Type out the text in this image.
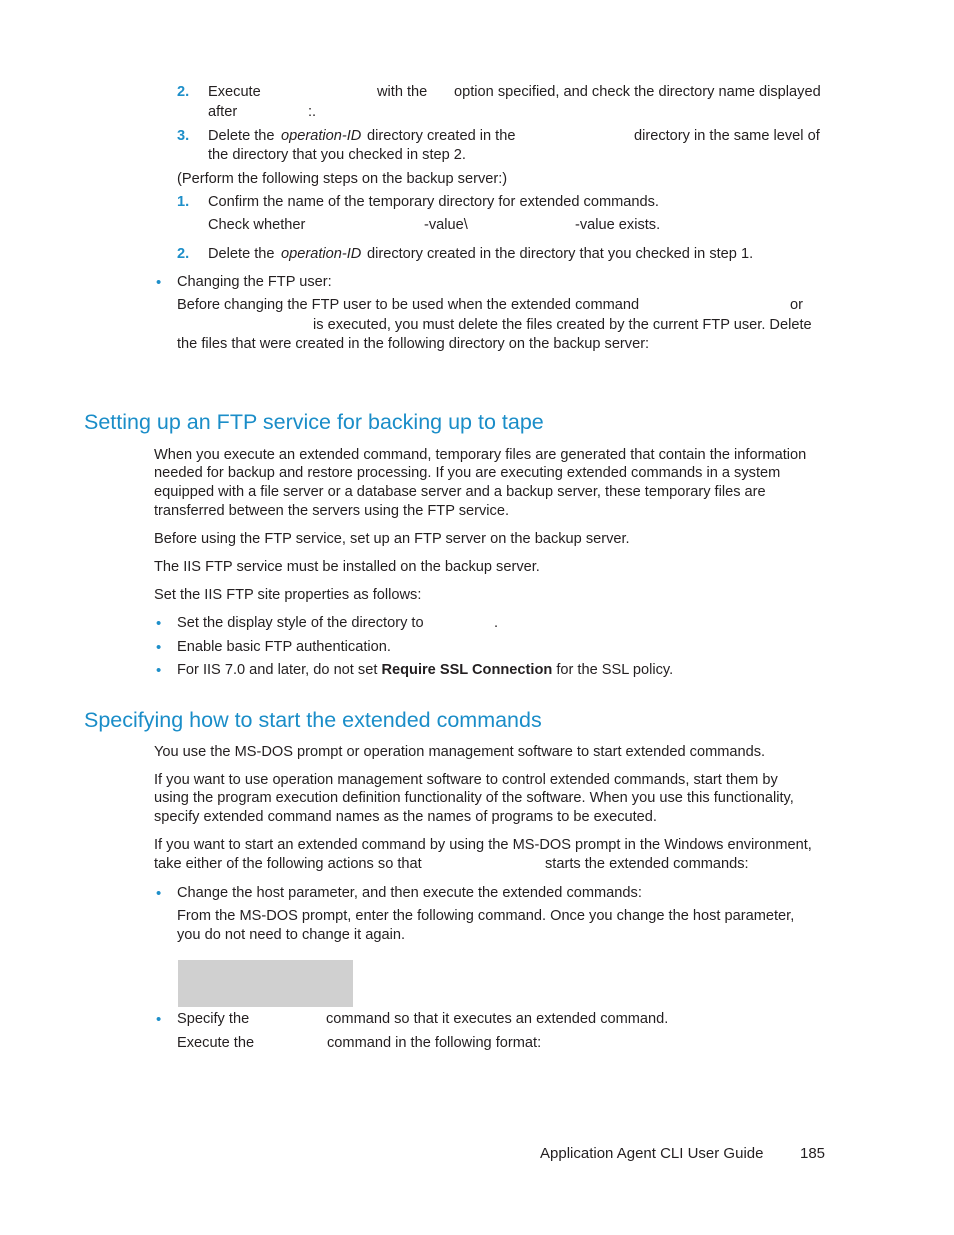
2. Execute	with the option specified, and check the directory name displayed
after	:.
3. Delete the operation-ID directory created in the	directory in the same level of
the directory that you checked in step 2.
(Perform the following steps on the backup server:)
1. Confirm the name of the temporary directory for extended commands.
Check whether	-value\	-value exists.
2. Delete the operation-ID directory created in the directory that you checked in step 1.
• Changing the FTP user:
Before changing the FTP user to be used when the extended command	or
is executed, you must delete the files created by the current FTP user. Delete
the files that were created in the following directory on the backup server:
Setting up an FTP service for backing up to tape
When you execute an extended command, temporary files are generated that contain the information
needed for backup and restore processing. If you are executing extended commands in a system
equipped with a file server or a database server and a backup server, these temporary files are
transferred between the servers using the FTP service.
Before using the FTP service, set up an FTP server on the backup server.
The IIS FTP service must be installed on the backup server.
Set the IIS FTP site properties as follows:
• Set the display style of the directory to	.
• Enable basic FTP authentication.
• For IIS 7.0 and later, do not set Require SSL Connection for the SSL policy.
Specifying how to start the extended commands
You use the MS-DOS prompt or operation management software to start extended commands.
If you want to use operation management software to control extended commands, start them by
using the program execution definition functionality of the software. When you use this functionality,
specify extended command names as the names of programs to be executed.
If you want to start an extended command by using the MS-DOS prompt in the Windows environment,
take either of the following actions so that	starts the extended commands:
• Change the host parameter, and then execute the extended commands:
From the MS-DOS prompt, enter the following command. Once you change the host parameter,
you do not need to change it again.
• Specify the	command so that it executes an extended command.
Execute the	command in the following format:
Application Agent CLI User Guide 185
